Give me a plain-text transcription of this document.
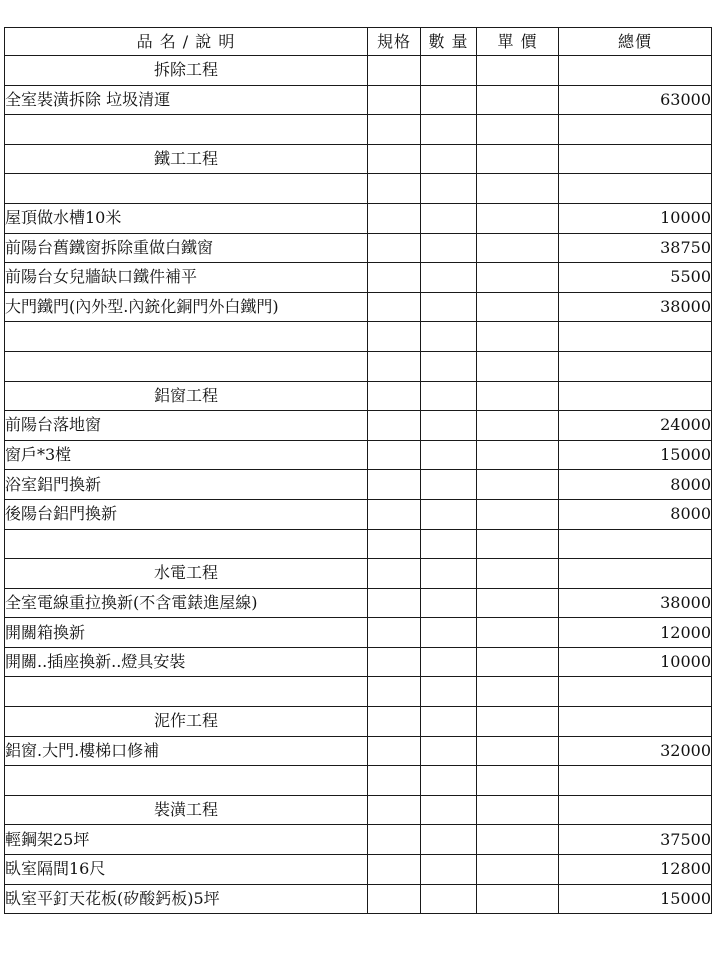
品 名 / 說 明	規格	數 量	單 價	總價
拆除工程				
全室裝潢拆除 垃圾清運				63000

鐵工工程				

屋頂做水槽10米				10000
前陽台舊鐵窗拆除重做白鐵窗				38750
前陽台女兒牆缺口鐵件補平				5500
大門鐵門(內外型.內銃化銅門外白鐵門)				38000

鋁窗工程				
前陽台落地窗				24000
窗戶*3樘				15000
浴室鋁門換新				8000
後陽台鋁門換新				8000

水電工程				
全室電線重拉換新(不含電錶進屋線)				38000
開關箱換新				12000
開關..插座換新..燈具安裝				10000

泥作工程				
鋁窗.大門.樓梯口修補				32000

裝潢工程				
輕鋼架25坪				37500
臥室隔間16尺				12800
臥室平釘天花板(矽酸鈣板)5坪				15000
